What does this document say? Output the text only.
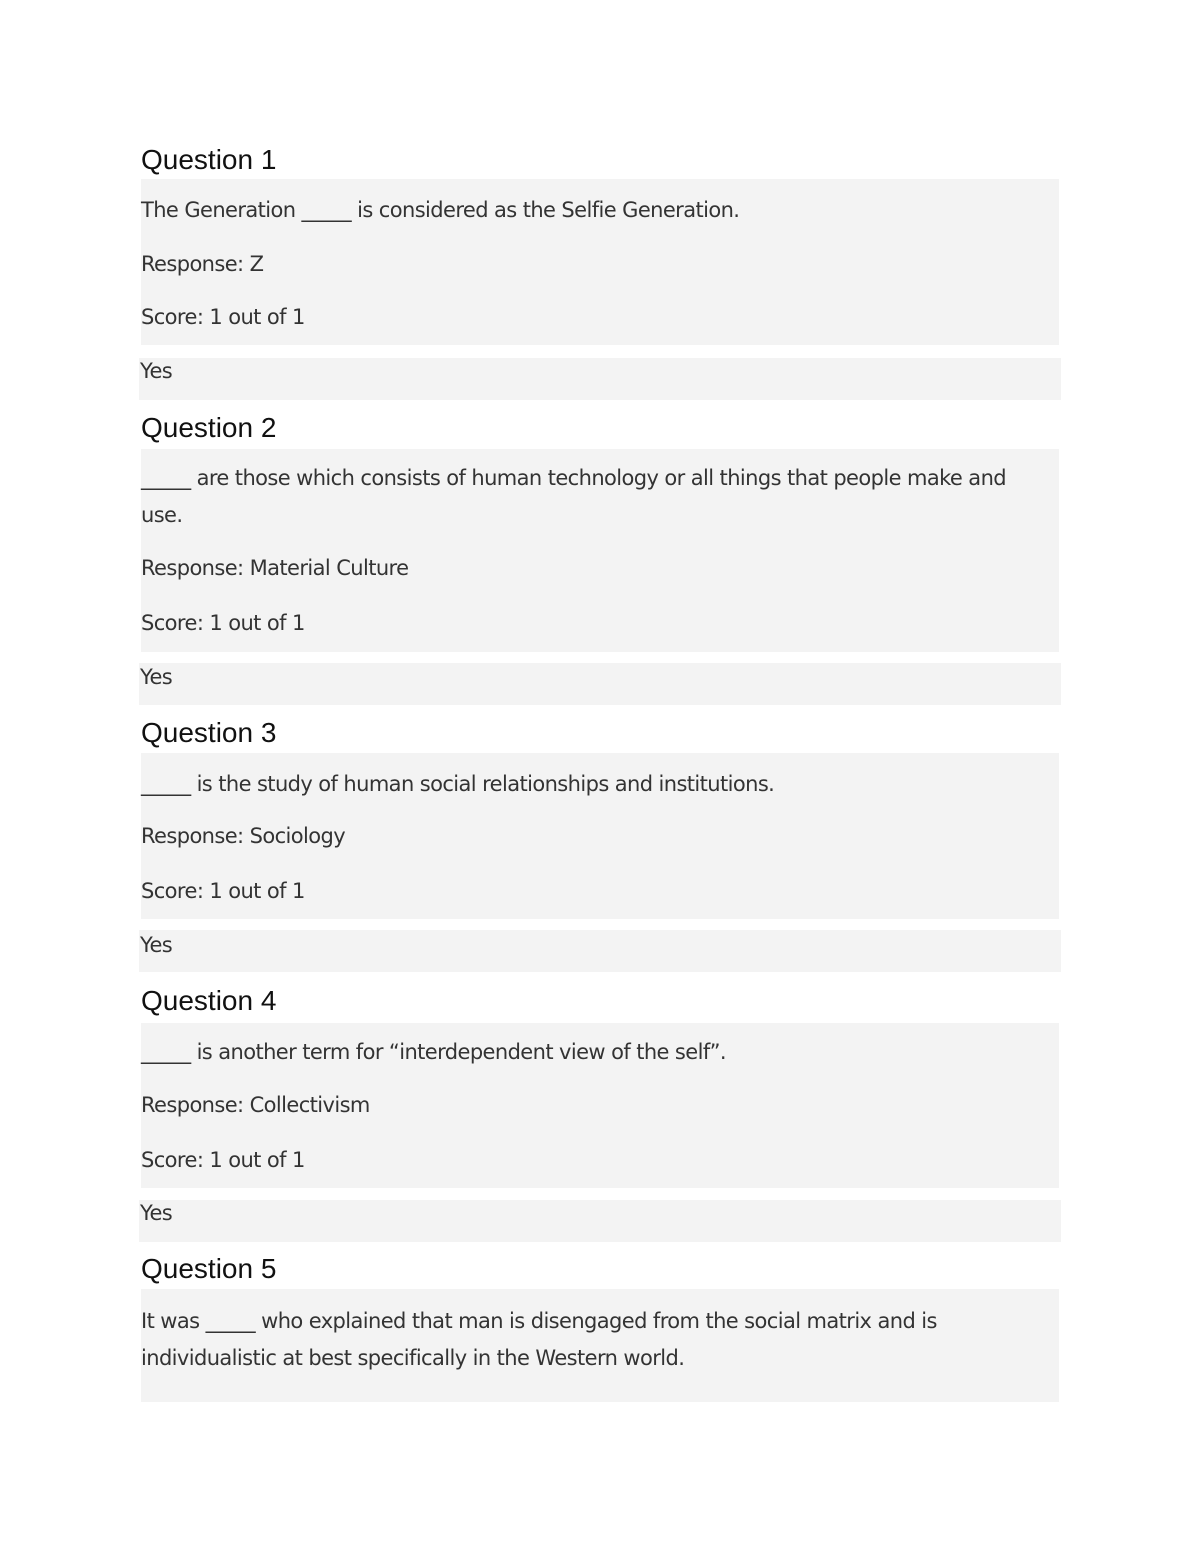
Question 1
The Generation _____ is considered as the Selfie Generation.
Response: Z
Score: 1 out of 1
Yes
Question 2
_____ are those which consists of human technology or all things that people make and use.
Response: Material Culture
Score: 1 out of 1
Yes
Question 3
_____ is the study of human social relationships and institutions.
Response: Sociology
Score: 1 out of 1
Yes
Question 4
_____ is another term for “interdependent view of the self”.
Response: Collectivism
Score: 1 out of 1
Yes
Question 5
It was _____ who explained that man is disengaged from the social matrix and is individualistic at best specifically in the Western world.
